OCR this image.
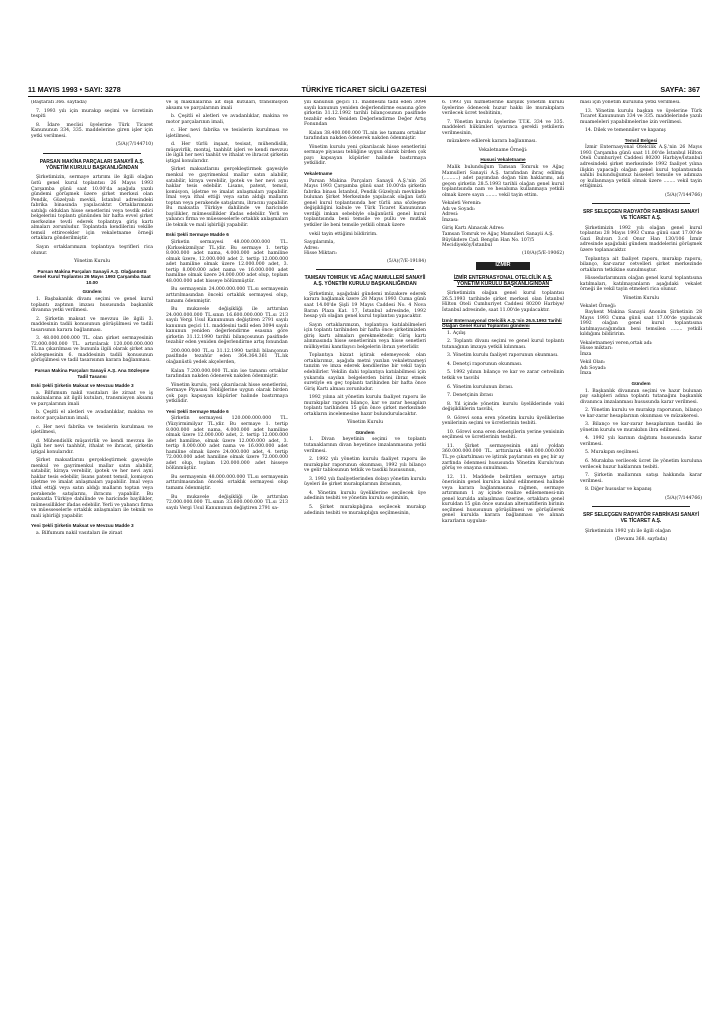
11 MAYIS 1993 • SAYI: 3278	TÜRKİYE TİCARET SİCİLİ GAZETESİ	SAYFA: 367

(Baştarafı 366. sayfada)

7. 1993 yılı için murakıp seçimi ve ücretinin tespiti

8. İdare meclisi üyelerine Türk Ticaret Kanununun 334, 335. maddelerine giren işler için yetki verilmesi.

(5/A)(7/144710)

PARSAN MAKİNA PARÇALARI SANAYİİ A.Ş. YÖNETİM KURULU BAŞKANLIĞINDAN

Şirketimizin, sermaye artırımı ile ilgili olağan üstü genel kurul toplantısı 26 Mayıs 1993 Çarşamba günü saat 10.00'da aşağıda yazılı gündemi görüşmek üzere şirket merkezi olan Pendik, Güzelyalı mevkii, İstanbul adresindeki fabrika binasında yapılacaktır. Ortaklarımızın satılığı olduklan hisse senetlerini veya tevdik edici belgelerini toplantı gününden bir hafta evvel şirket merkezine tevdi ederek toplantıya giriş kartı almaları zorunludur. Toplantıda kendilerini vekille temsil ettirecekler için vekaletname örneği ortaklara gönderilmiştir.

Sayın ortaklarımızın toplantıya teşrifleri rica olunur.

Yönetim Kurulu

Parsan Makina Parçaları Sanayii A.Ş. Olağanüstü Genel Kurul Toplantısı 26 Mayıs 1993 Çarşamba Saat 10.00
Gündem

1. Başbakanlık divanı seçimi ve genel kurul toplantı zaptının imzası hususunda başkanlık divanına yetki verilmesi.

2. Şirketin maksat ve mevzuu ile ilgili 3. maddesinin tadili konusunun görüşülmesi ve tadili tasarısının karara bağlanması.

3. 48.000.000.000 TL. olan şirket sermayesinin 72.000.000.000 TL. artırılarak 120.000.000.000 TL.na çıkarılması ve bununla ilgili olarak şirket ana sözleşmesinin 6. maddesinin tadili konusunun görüşülmesi ve tadil tasarısının karara bağlanması.

Parsan Makina Parçaları Sanayii A.Ş. Ana Sözleşme Tadil Tasarısı
Eski Şekli Şirketin Maksat ve Mevzuu Madde 3

a. Bilfumum nakil vasıtaları ile ziraat ve iş makinalarına ait ilgili kutuları, transmisyon aksamı ve parçalarının imali

b. Çeşitli el aletleri ve avadanlıklar, makina ve motor parçalarının imali,

c. Her nevi fabrika ve tesislerin kurulması ve işletilmesi,

d. Mühendislik müşavirlik ve kendi mevzuu ile ilgili her nevi taahhüt, ithalat ve ihracat, şirketin iştigal konularıdır.

Şirket maksatlarını gerçekleştirmek gayesiyle menkul ve gayrimenkul mallar satın alabilir, satabilir, kiraya verebilir, ipotek ve her nevi ayni haklar tesis edebilir, lisans patent temsil, komisyon işletme ve imalat anlaşmaları yapabilir. İmal veya ithal ettiği veya satın aldığı malların toptan veya perakende satışlarını, ihracını yapabilir. Bu maksatla Türkiye dahilinde ve haricinde bayilikler, mümessillikler ifadas edebilir. Yerli ve yabancı firma ve müesseselerle ortaklık anlaşmaları ile teknik ve mali işbirliği yapabilir.

Yeni Şekli Şirketin Maksat ve Mevzuu Madde 3

a. Bilfumum nakil vasıtaları ile ziraat

ve iş makinalarına ait dişli kutuları, transmisyon aksamı ve parçalarının imali

b. Çeşitli el aletleri ve avadanlıklar, makina ve motor parçalarının imali,

c. Her nevi fabrika ve tesislerin kurulması ve işletilmesi,

d. Her türlü inşaat, tesisat, mühendislik, müşavirlik, montaj, taahhüt işleri ve kendi mevzuu ile ilgili her nevi taahüt ve ithalat ve ihracat şirketin iştigal konularıdır.

Şirket maksatlarını gerçekleştirmek gayesiyle menkul ve gayrimenkul mallar satın alabilir, satabilir, kiraya verebilir, ipotek ve her nevi aynı haklar tesis edebilir. Lisans, patent, temsil, komisyon, işletme ve imalat anlaşmaları yapabilir. İmal veya ithal ettiği veya satın aldığı malların toptan veya perakende satışlarını, ihracını yapabilir. Bu maksatla Türkiye dahilinde ve haricinde bayilikler, mümessillikler ifadas edebilir. Yerli ve yabancı firma ve müesseselerle ortaklık anlaşmaları ile teknik ve mali işbirliği yapabilir.

Eski Şekli Sermaye Madde 6

Şirketin sermayesi 48.000.000.000 TL. (Kırksekizmilyar TL.)dir. Bu sermaye 1. tertip 8.000.000 adet nama, 4.000.000 adet hamiline olmak üzere, 12.000.000 adet 2. tertip 12.000.000 adet hamiline olmak üzere 12.000.000 adet, 3. tertip 8.000.000 adet nama ve 16.000.000 adet hamiline olmak üzere 24.000.000 adet olup, toplam 48.000.000 adet hisseye bölünmüştür.

Bu sermayenin 24.000.000.000 TL.sı sermayenin arttırılmasından önceki ortaklık sermayesi olup, tamamı ödenmiştir.

Bu mukavele değişikliği ile arttırılan 24.000.000.000 TL.sının 16.600.000.000 TL.sı 213 sayılı Vergi Usul Kanununun değiştiren 2791 sayılı kanunun geçici 11. maddesini tadil eden 3094 sayılı kanunun yeniden değerlendirme esasına göre şirketin 31.12.1990 tarihli bilançosunun pasifinde tezahür eden yeniden değerlendirme artış fonundan

200.000.000 TL.sı 31.12.1990 tarihli bilançonun pasifinde tezahür eden 364.364.361 TL.lık olağanüstü yedek akçelerden,

Kalan 7.200.000.000 TL.nin ise tamamı ortaklar tarafından nakden ödenerek nakden ödenmiştir.

Yönetim kurulu, yeni çıkarılacak hisse senetlerini, Sermaye Piyasası Tebliğlerine uygun olarak birden çok payı kapsayan küpürler halinde bastırmaya yetkilidir.

Yeni Şekli Sermaye Madde 6

Şirketin sermayesi 120.000.000.000 TL. (Yüzyirmimilyar TL.)dir. Bu sermaye 1. tertip 8.000.000 adet nama, 4.000.000 adet hamiline olmak üzere 12.000.000 adet, 2. tertip 12.000.000 adet hamiline, olmak üzere 12.000.000 adet, 3. tertip 8.000.000 adet nama ve 16.000.000 adet hamiline olmak üzere 24.000.000 adet, 4. tertip 72.000.000 adet hamiline olmak üzere 72.000.000 adet olup, toplam 120.000.000 adet hisseye bölünmüştür.

Bu sermayenin 48.000.000.000 TL.sı sermayenin arttırılmasından önceki ortaklık sermayesi olup tamamı ödenmiştir.

Bu mukavele değişikliği ile arttırılan 72.000.000.000 TL.sının 33.600.000.000 TL.sı 213 sayılı Vergi Usul Kanununun değiştiren 2791 sa-

yılı kanunun geçici 11. maddesini tadil eden 3094 sayılı kanunun yeniden değerlendirme esasına göre şirketin 31.12.1992 tarihli bilançosunun pasifinde tezahür eden Yeniden Değerlendirme Değer Artış Fonundan

Kalan 38.400.000.000 TL.nin ise tamamı ortaklar tarafından nakden ödenerek nakden ödenmiştir.

Yönetim kurulu yeni çıkarılacak hisse senetlerini sermaye piyasası tebliğine uygun olarak birden çok payı kapsayan küpürler halinde bastırmaya yetkilidir.

Vekaletname

Parsan Makina Parçaları Sanayii A.Ş.'nin 26 Mayıs 1993 Çarşamba günü saat 10.00'da şirketin fabrika binası İstanbul, Pendik Güzelyalı mevkiinde bulunan Şirket Merkezinde yapılacak olağan üstü genel kurul toplantısında her türlü ana sözleşme değişikliğini kabule ve Türk Ticaret Kanununun verdiği imkan sebebiyle olağanüstü genel kurul toplantısında beni temsile ve pullu ve mutlak yetkiler ile beni temsile yetkili olmak üzere

vekil tayin ettiğimi bildiririm.

Saygılarımla,

Adres:

Hisse Miktarı:

(5/A)(7/E-19184)

TAMSAN TOMRUK VE AĞAÇ MAMULLERİ SANAYİİ A.Ş. YÖNETİM KURULU BAŞKANLIĞINDAN

Şirketimiz, aşağıdaki gündemi müzakere ederek karara bağlamak üzere 28 Mayıs 1993 Cuma günü saat 14.00'de Şişli 19 Mayıs Caddesi No. 4 Nova Baran Plaza Kat. 17, İstanbul adresinde, 1992 hesap yılı olağan genel kurul toplantısı yapacaktır.

Sayın ortaklarımızın, toplantıya katılabilmeleri için toplantı tarihinden bir hafta önce şirketimizden giriş kartı almaları gerekmektedir. Giriş kartı alınmasında hisse senetlerinin veya hisse senetleri mülkiyetini kanıtlayıcı belgelerin ibrazı yeterlidir.

Toplantıya bizzat iştirak edemeyecek olan ortaklarımız, aşağıda metni yazılan vekaletnameyi tanzim ve imza ederek kendilerine bir vekil tayin edebilirler. Vekilin dahi toplantıya katılabilmesi için yukarıda sayılan belgelerden birini ibraz etmek suretiyle en geç toplantı tarihinden bir hafta önce Giriş Kartı alması zorunludur.

1992 yılına ait yönetim kurulu faaliyet raporu ile murakıplar raporu bilanço, kar ve zarar hesapları toplantı tarihinden 15 gün önce şirket merkezinde ortakların incelemesine hazır bulundurulacaktır.

Yönetim Kurulu

Gündem

1. Divan heyetinin seçimi ve toplantı tutanaklarının divan heyetince imzalanmasına yetki verilmesi.

2. 1992 yılı yönetim kurulu faaliyet raporu ile murakıplar raporunun okunması, 1992 yılı bilanço ve gelir tablosunun tetkik ve tasdiki hususunun,

3. 1992 yılı faaliyetlerinden dolayı yönetim kurulu üyeleri ile şirket murakıplarının ibrasının,

4. Yönetim kurulu üyeliklerine seçilecek üye adedinin tesbiti ve yönetim kurulu seçiminin,

5. Şirket murakıplığına seçilecek murakıp adedinin tesbiti ve murakıplığın seçilmesinin,

6. 1993 yılı hizmetlerine karşılık yönetim kurulu üyelerine ödenecek huzur hakkı ile murakıplara verilecek ücret tesbitinin,

7. Yönetim kurulu üyelerine T.T.K. 334 ve 335. maddeleri hükümleri uyarınca gerekli yetkilerin verilmesinin,

müzakere edilerek karara bağlanması.

Vekaletname Örneği:

Hususi Vekaletname

Malik bulunduğum Tamsan Tomruk ve Ağaç Mamulleri Sanayii A.Ş. tarafından ihraç edilmiş (..........) adet payımdan doğan tüm haklarımı, adı geçen şirketin 28.5.1993 tarihli olağan genel kurul toplantısında nam ve hesabıma kullanmaya yetkili olmak üzere sayın ........ vekil tayin ettim.

Vekaleti Verenin:

Adı ve Soyadı:

Adresi:

İmzası:

Giriş Kartı Alınacak Adres:

Tamsan Tomruk ve Ağaç Mamulleri Sanayii A.Ş.

Büyükdere Cad. Bengün Han No. 107/5 Mecidiyeköy/İstanbul

(10/A)(5/E-19062)

İZMİR
İZMİR ENTERNASYONAL OTELCİLİK A.Ş. YÖNETİM KURULU BAŞKANLIĞINDAN

Şirketimizin olağan genel kurul toplantısı 26.5.1993 tarihinde şirket merkezi olan İstanbul Hilton Oteli Cumhuriyet Caddesi 80200 Harbiye/İstanbul adresinde, saat 11.00'de yapılacaktır.

İzmir Enternasyonal Otelcilik A.Ş.'nin 26.5.1993 Tarihli Olağan Genel Kurul Toplantısı gündemi

1. Açılış

2. Toplantı divanı seçimi ve genel kurul toplantı tutanağının imzaya yetkili kılınması.

3. Yönetim kurulu faaliyet raporunun okunması.

4. Denetçi raporunun okunması.

5. 1992 yılının bilanço ve kar ve zarar cetvelinin tetkik ve tasvibi

6. Yönetim kurulunun ibrası.

7. Denetçinin ibrası

8. Yıl içinde yönetim kurulu üyeliklerinde vaki değişikliklerin tasvibi,

9. Görevi sona eren yönetim kurulu üyeliklerine yenilerinin seçimi ve ücretlerinin tesbiti.

10. Görevi sona eren denetçilerin yerine yenisinin seçilmesi ve ücretlerinin tesbiti.

11. Şirket sermayesinin ani yoldan 360.000.000.000 TL. arttırılarak 480.000.000.000 TL.ye çıkartılması ve iştirak paylarının en geç bir ay zarfında ödenmesi hususunda Yönetim Kurulu'nun görüş ve onayına sunulması.

12. 11. Maddede belirtilen sermaye artışı önerisinin genel kurulca kabul edilmemesi halinde veya karara bağlanmasına rağmen, sermaye artırımının 1 ay içinde realize edilememesi-nin genel kurulda anlaşılması üzerine, ortaklara genel kuruldan 15 gün önce sunulan alternatiflerin birinin seçilmesi hususunun görüşülmesi ve görüşülerek genel kurulda karara bağlanması ve alınan kararların uygulan-

ması için yönetim kuruluna yetki verilmesi.

13. Yönetim kurulu başkan ve üyelerine Türk Ticaret Kanununun 334 ve 335. maddelerinde yazılı muameleleri yapabilmelerine izin verilmesi.

14. Dilek ve temenniler ve kapanış

Temsil Belgesi

İzmir Enternasyonal Otelcilik A.Ş.'nin 26 Mayıs 1993 Çarşamba günü saat 11.00'de İstanbul Hilton Oteli Cumhuriyet Caddesi 80200 Harbiye/İstanbul adresindeki şirket merkezinde 1992 faaliyet yılına ilişkin yapacağı olağan genel kurul toplantısında sahibi bulunduğumuz hisseleri temsile ve adımıza oy kullanmaya yetkili olmak üzere ........ vekil tayin ettiğimizi.

(5/A)(7/144766)

SRF SELEÇGEN RADYATÖR FABRİKASI SANAYİ VE TİCARET A.Ş.

Şirketimizin 1992 yılı olağan genel kurul toplantısı 28 Mayıs 1993 Cuma günü saat 17.00'de Gazi Bulvarı 3.cd Onur Han 130/106 İzmir adresinde aşağıdaki gündem maddelerini görüşmek üzere toplanacaktır.

Toplantıya ait faaliyet raporu, murakıp raporu, bilanço, kar-zarar cetvelleri şirket merkezinde ortakların tetkikine sunulmuştur.

Hissedarlarımızın olağan genel kurul toplantısına katılmaları, katılmayanların aşağıdaki vekalet örneği ile vekil tayin etmeleri rica olunur.

Yönetim Kurulu

Vekalet Örneği:

Baykent Makina Sanayii Anonim Şirketinin 28 Mayıs 1993 Cuma günü saat 17.00'de yapılacak 1992 olağan genel kurul toplantısına katılmayacağımdan beni temsilen ........ yetkili kıldığımı bildiririm.

Vekaletnameyi veren,ortak adı:

Hisse miktarı:

İmza

Vekil Olan:

Adı Soyadı:

İmza

Gündem

1. Başkanlık divanının seçimi ve hazır bulunan pay sahipleri adına toplantı tutanağını başkanlık divanınca imzalanması hususunda karar verilmesi.

2. Yönetim kurulu ve murakıp raporunun, bilanço ve kar-zarar hesaplarının okunması ve müzakeresi.

3. Bilanço ve kar-zarar hesaplarının tasdiki ile yönetim kurulu ve murakıbın ibra edilmesi.

4. 1992 yılı karının dağıtımı hususunda karar verilmesi.

5. Murakıpın seçilmesi.

6. Murakıba verilecek ücret ile yönetim kuruluna verilecek huzur haklarının tesbiti.

7. Şirketin mallarının satışı hakkında karar verilmesi.

8. Diğer hususlar ve kapanış

(5/A)(7/144766)

SRF SELEÇGEN RADYATÖR FABRİKASI SANAYİ VE TİCARET A.Ş.

Şirketimizin 1992 yılı ile ilgili olağan

(Devamı 368. sayfada)
